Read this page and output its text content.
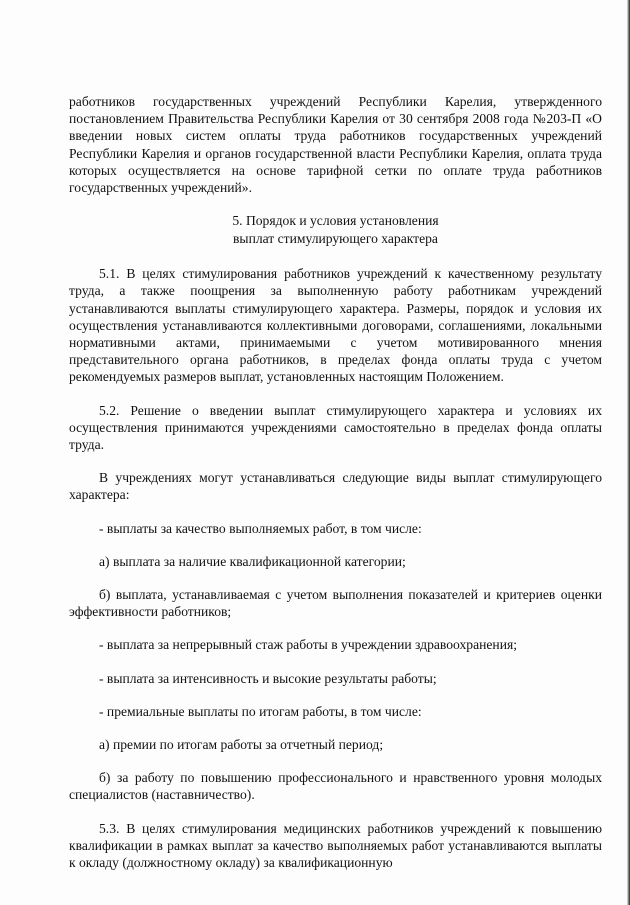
работников государственных учреждений Республики Карелия, утвержденного постановлением Правительства Республики Карелия от 30 сентября 2008 года №203-П «О введении новых систем оплаты труда работников государственных учреждений Республики Карелия и органов государственной власти Республики Карелия, оплата труда которых осуществляется на основе тарифной сетки по оплате труда работников государственных учреждений».

5. Порядок и условия установления
выплат стимулирующего характера

5.1. В целях стимулирования работников учреждений к качественному результату труда, а также поощрения за выполненную работу работникам учреждений устанавливаются выплаты стимулирующего характера. Размеры, порядок и условия их осуществления устанавливаются коллективными договорами, соглашениями, локальными нормативными актами, принимаемыми с учетом мотивированного мнения представительного органа работников, в пределах фонда оплаты труда с учетом рекомендуемых размеров выплат, установленных настоящим Положением.

5.2. Решение о введении выплат стимулирующего характера и условиях их осуществления принимаются учреждениями самостоятельно в пределах фонда оплаты труда.

В учреждениях могут устанавливаться следующие виды выплат стимулирующего характера:

- выплаты за качество выполняемых работ, в том числе:

а) выплата за наличие квалификационной категории;

б) выплата, устанавливаемая с учетом выполнения показателей и критериев оценки эффективности работников;

- выплата за непрерывный стаж работы в учреждении здравоохранения;

- выплата за интенсивность и высокие результаты работы;

- премиальные выплаты по итогам работы, в том числе:

а) премии по итогам работы за отчетный период;

б) за работу по повышению профессионального и нравственного уровня молодых специалистов (наставничество).

5.3. В целях стимулирования медицинских работников учреждений к повышению квалификации в рамках выплат за качество выполняемых работ устанавливаются выплаты к окладу (должностному окладу) за квалификационную
